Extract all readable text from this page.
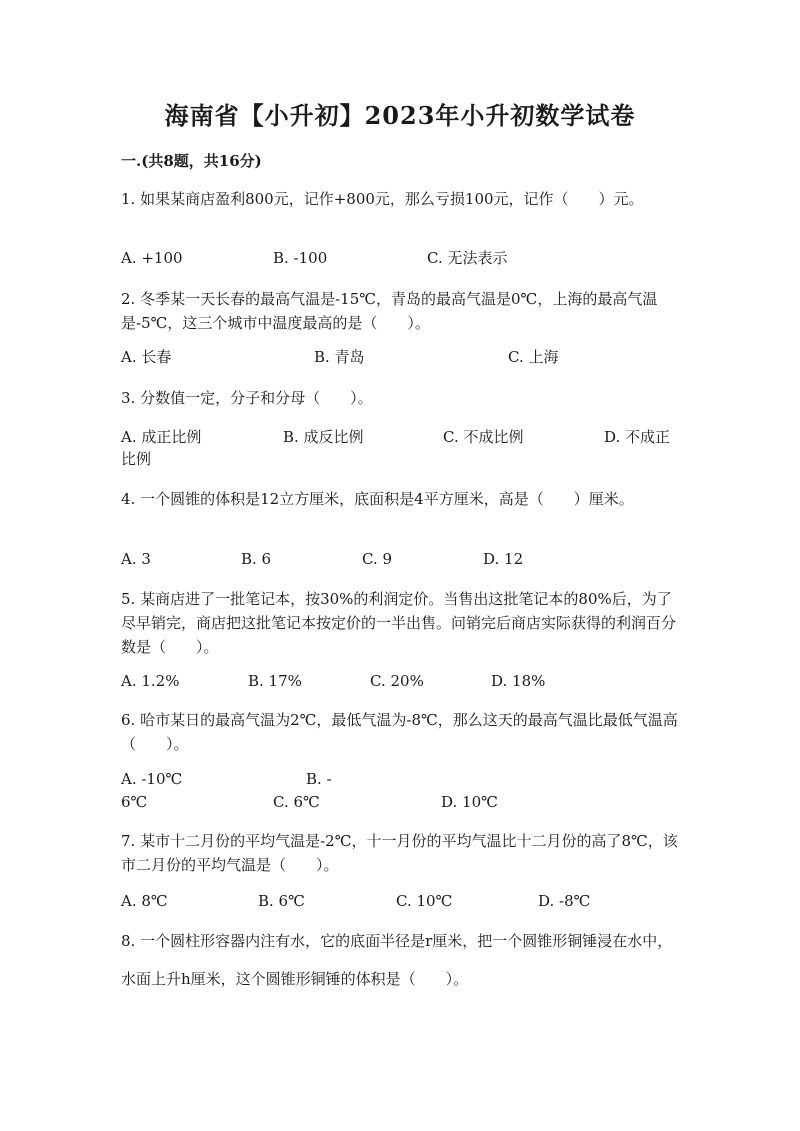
海南省【小升初】2023年小升初数学试卷
一.(共8题，共16分)
1. 如果某商店盈利800元，记作+800元，那么亏损100元，记作（　　）元。
A. +100	B. -100	C. 无法表示
2. 冬季某一天长春的最高气温是-15℃，青岛的最高气温是0℃，上海的最高气温是-5℃，这三个城市中温度最高的是（　　）。
A. 长春	B. 青岛	C. 上海
3. 分数值一定，分子和分母（　　）。
A. 成正比例	B. 成反比例	C. 不成比例	D. 不成正
比例
4. 一个圆锥的体积是12立方厘米，底面积是4平方厘米，高是（　　）厘米。
A. 3	B. 6	C. 9	D. 12
5. 某商店进了一批笔记本，按30%的利润定价。当售出这批笔记本的80%后，为了尽早销完，商店把这批笔记本按定价的一半出售。问销完后商店实际获得的利润百分数是（　　）。
A. 1.2%	B. 17%	C. 20%	D. 18%
6. 哈市某日的最高气温为2℃，最低气温为-8℃，那么这天的最高气温比最低气温高（　　）。
A. -10℃	B. -
6℃	C. 6℃	D. 10℃
7. 某市十二月份的平均气温是-2℃，十一月份的平均气温比十二月份的高了8℃，该市二月份的平均气温是（　　）。
A. 8℃	B. 6℃	C. 10℃	D. -8℃
8. 一个圆柱形容器内注有水，它的底面半径是r厘米，把一个圆锥形铜锤浸在水中，水面上升h厘米，这个圆锥形铜锤的体积是（　　）。
